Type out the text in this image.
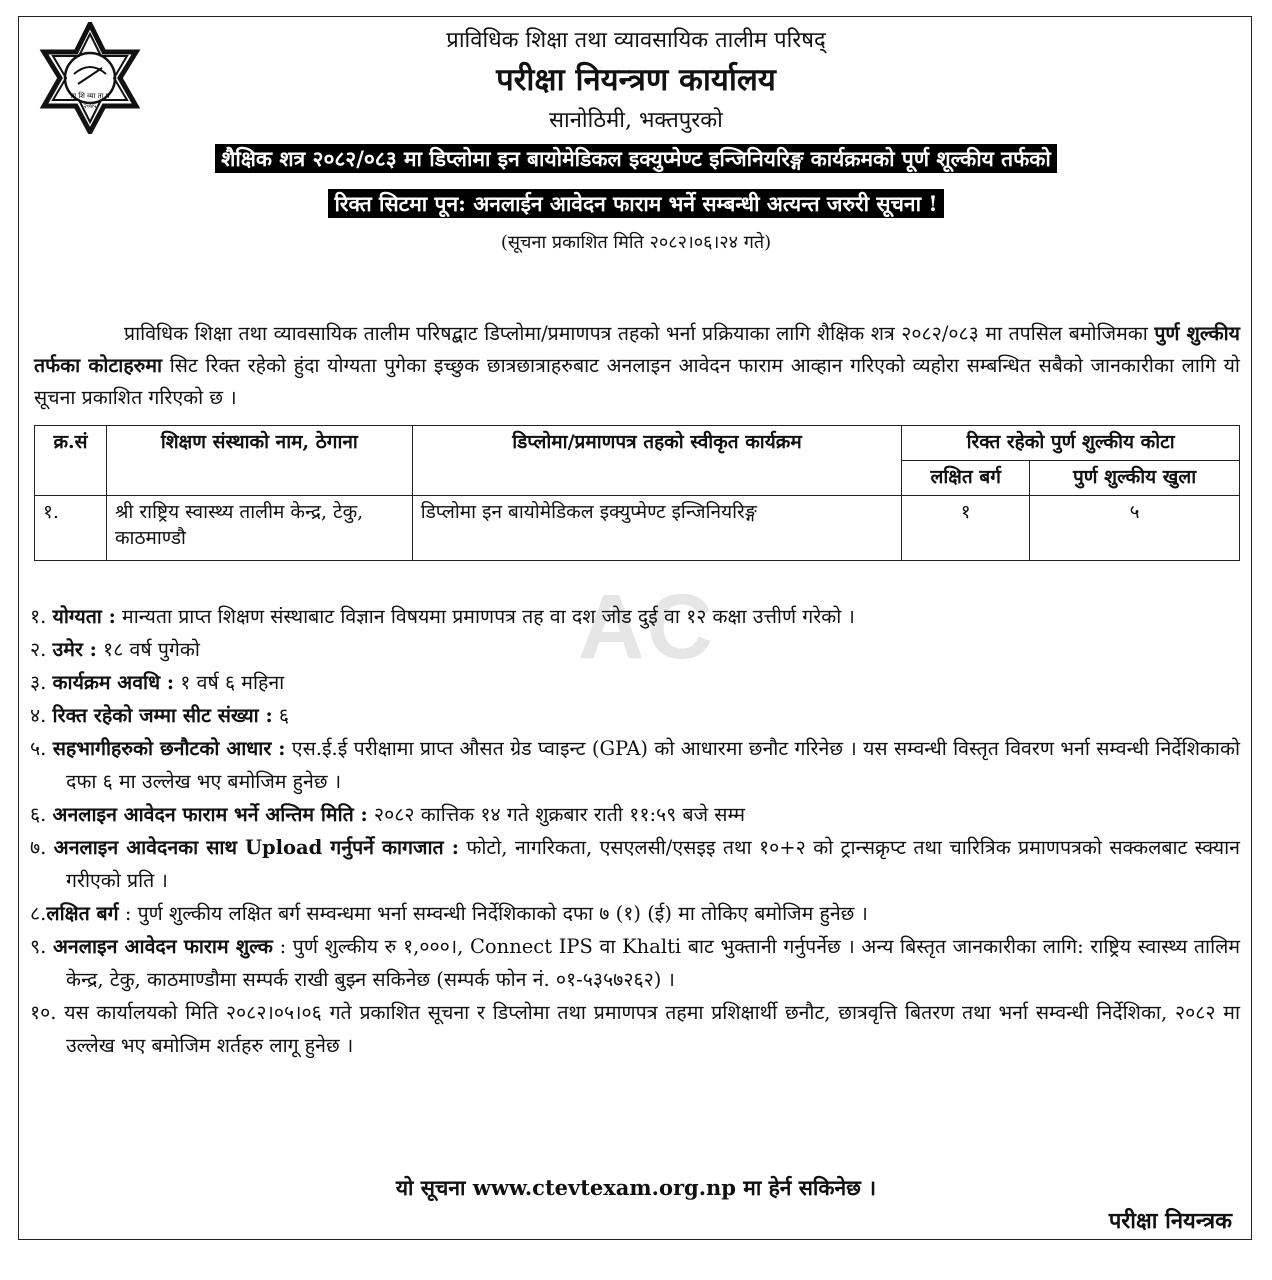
प्रा शि व्या ता प
२०४५
प्राविधिक शिक्षा तथा व्यावसायिक तालीम परिषद्
परीक्षा नियन्त्रण कार्यालय
सानोठिमी, भक्तपुरको
शैक्षिक शत्र २०८२/०८३ मा डिप्लोमा इन बायोमेडिकल इक्युप्मेण्ट इन्जिनियरिङ्ग कार्यक्रमको पूर्ण शूल्कीय तर्फको
रिक्त सिटमा पून: अनलाईन आवेदन फाराम भर्ने सम्बन्धी अत्यन्त जरुरी सूचना !
(सूचना प्रकाशित मिति २०८२।०६।२४ गते)

प्राविधिक शिक्षा तथा व्यावसायिक तालीम परिषद्बाट डिप्लोमा/प्रमाणपत्र तहको भर्ना प्रक्रियाका लागि शैक्षिक शत्र २०८२/०८३ मा तपसिल बमोजिमका पुर्ण शुल्कीय तर्फका कोटाहरुमा सिट रिक्त रहेको हुंदा योग्यता पुगेका इच्छुक छात्रछात्राहरुबाट अनलाइन आवेदन फाराम आव्हान गरिएको व्यहोरा सम्बन्धित सबैको जानकारीका लागि यो सूचना प्रकाशित गरिएको छ ।

क्र.सं	शिक्षण संस्थाको नाम, ठेगाना	डिप्लोमा/प्रमाणपत्र तहको स्वीकृत कार्यक्रम	रिक्त रहेको पुर्ण शुल्कीय कोटा	
			लक्षित बर्ग	पुर्ण शुल्कीय खुला
१.	श्री राष्ट्रिय स्वास्थ्य तालीम केन्द्र, टेकु, काठमाण्डौ	डिप्लोमा इन बायोमेडिकल इक्युप्मेण्ट इन्जिनियरिङ्ग	१	५
AC

१. योग्यता : मान्यता प्राप्त शिक्षण संस्थाबाट विज्ञान विषयमा प्रमाणपत्र तह वा दश जोड दुई वा १२ कक्षा उत्तीर्ण गरेको ।

२. उमेर : १८ वर्ष पुगेको

३. कार्यक्रम अवधि : १ वर्ष ६ महिना

४. रिक्त रहेको जम्मा सीट संख्या : ६

५. सहभागीहरुको छनौटको आधार : एस.ई.ई परीक्षामा प्राप्त औसत ग्रेड प्वाइन्ट (GPA) को आधारमा छनौट गरिनेछ । यस सम्वन्धी विस्तृत विवरण भर्ना सम्वन्धी निर्देशिकाको दफा ६ मा उल्लेख भए बमोजिम हुनेछ ।

६. अनलाइन आवेदन फाराम भर्ने अन्तिम मिति : २०८२ कात्तिक १४ गते शुक्रबार राती ११:५९ बजे सम्म

७. अनलाइन आवेदनका साथ Upload गर्नुपर्ने कागजात : फोटो, नागरिकता, एसएलसी/एसइइ तथा १०+२ को ट्रान्सक्रृप्ट तथा चारित्रिक प्रमाणपत्रको सक्कलबाट स्क्यान गरीएको प्रति ।

८.लक्षित बर्ग : पुर्ण शुल्कीय लक्षित बर्ग सम्वन्धमा भर्ना सम्वन्धी निर्देशिकाको दफा ७ (१) (ई) मा तोकिए बमोजिम हुनेछ ।

९. अनलाइन आवेदन फाराम शुल्क : पुर्ण शुल्कीय रु १,०००।, Connect IPS वा Khalti बाट भुक्तानी गर्नुपर्नेछ । अन्य बिस्तृत जानकारीका लागि: राष्ट्रिय स्वास्थ्य तालिम केन्द्र, टेकु, काठमाण्डौमा सम्पर्क राखी बुझ्न सकिनेछ (सम्पर्क फोन नं. ०१-५३५७२६२) ।

१०. यस कार्यालयको मिति २०८२।०५।०६ गते प्रकाशित सूचना र डिप्लोमा तथा प्रमाणपत्र तहमा प्रशिक्षार्थी छनौट, छात्रवृत्ति बितरण तथा भर्ना सम्वन्धी निर्देशिका, २०८२ मा उल्लेख भए बमोजिम शर्तहरु लागू हुनेछ ।

यो सूचना www.ctevtexam.org.np मा हेर्न सकिनेछ ।
परीक्षा नियन्त्रक
